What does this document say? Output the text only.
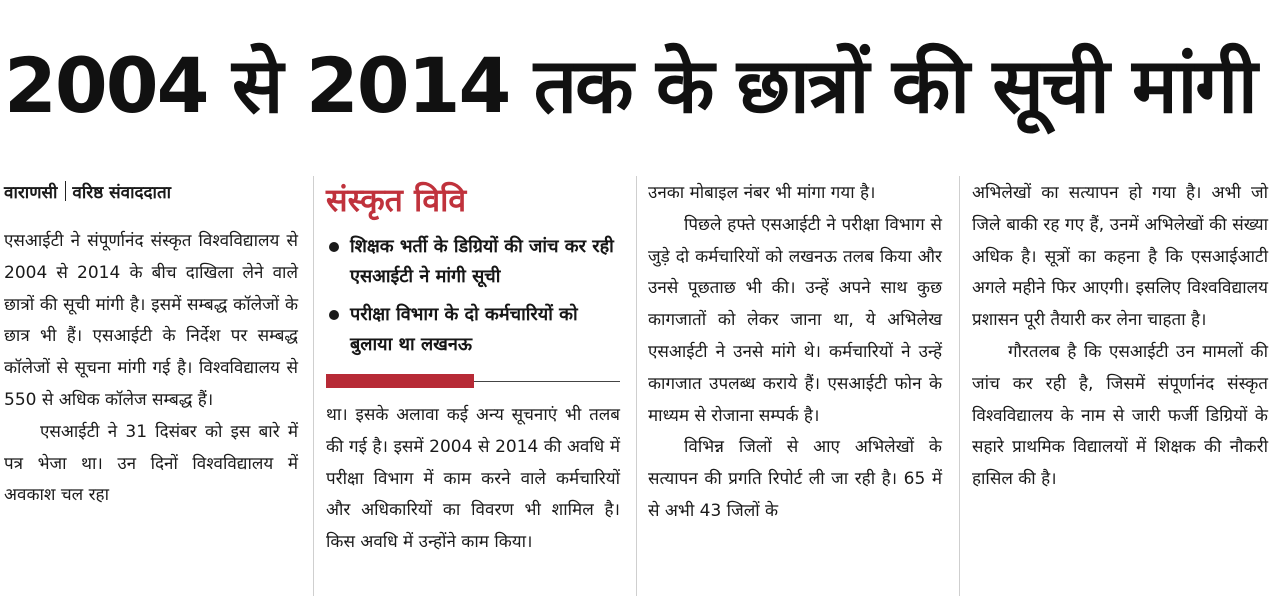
2004 से 2014 तक के छात्रों की सूची मांगी

वाराणसी वरिष्ठ संवाददाता

एसआईटी ने संपूर्णानंद संस्कृत विश्वविद्यालय से 2004 से 2014 के बीच दाखिला लेने वाले छात्रों की सूची मांगी है। इसमें सम्बद्ध कॉलेजों के छात्र भी हैं। एसआईटी के निर्देश पर सम्बद्ध कॉलेजों से सूचना मांगी गई है। विश्वविद्यालय से 550 से अधिक कॉलेज सम्बद्ध हैं।

एसआईटी ने 31 दिसंबर को इस बारे में पत्र भेजा था। उन दिनों विश्वविद्यालय में अवकाश चल रहा

संस्कृत विवि
शिक्षक भर्ती के डिग्रियों की जांच कर रही एसआईटी ने मांगी सूची
परीक्षा विभाग के दो कर्मचारियों को बुलाया था लखनऊ

था। इसके अलावा कई अन्य सूचनाएं भी तलब की गई है। इसमें 2004 से 2014 की अवधि में परीक्षा विभाग में काम करने वाले कर्मचारियों और अधिकारियों का विवरण भी शामिल है। किस अवधि में उन्होंने काम किया।

उनका मोबाइल नंबर भी मांगा गया है।

पिछले हफ्ते एसआईटी ने परीक्षा विभाग से जुड़े दो कर्मचारियों को लखनऊ तलब किया और उनसे पूछताछ भी की। उन्हें अपने साथ कुछ कागजातों को लेकर जाना था, ये अभिलेख एसआईटी ने उनसे मांगे थे। कर्मचारियों ने उन्हें कागजात उपलब्ध कराये हैं। एसआईटी फोन के माध्यम से रोजाना सम्पर्क है।

विभिन्न जिलों से आए अभिलेखों के सत्यापन की प्रगति रिपोर्ट ली जा रही है। 65 में से अभी 43 जिलों के

अभिलेखों का सत्यापन हो गया है। अभी जो जिले बाकी रह गए हैं, उनमें अभिलेखों की संख्या अधिक है। सूत्रों का कहना है कि एसआईआटी अगले महीने फिर आएगी। इसलिए विश्वविद्यालय प्रशासन पूरी तैयारी कर लेना चाहता है।

गौरतलब है कि एसआईटी उन मामलों की जांच कर रही है, जिसमें संपूर्णानंद संस्कृत विश्वविद्यालय के नाम से जारी फर्जी डिग्रियों के सहारे प्राथमिक विद्यालयों में शिक्षक की नौकरी हासिल की है।
